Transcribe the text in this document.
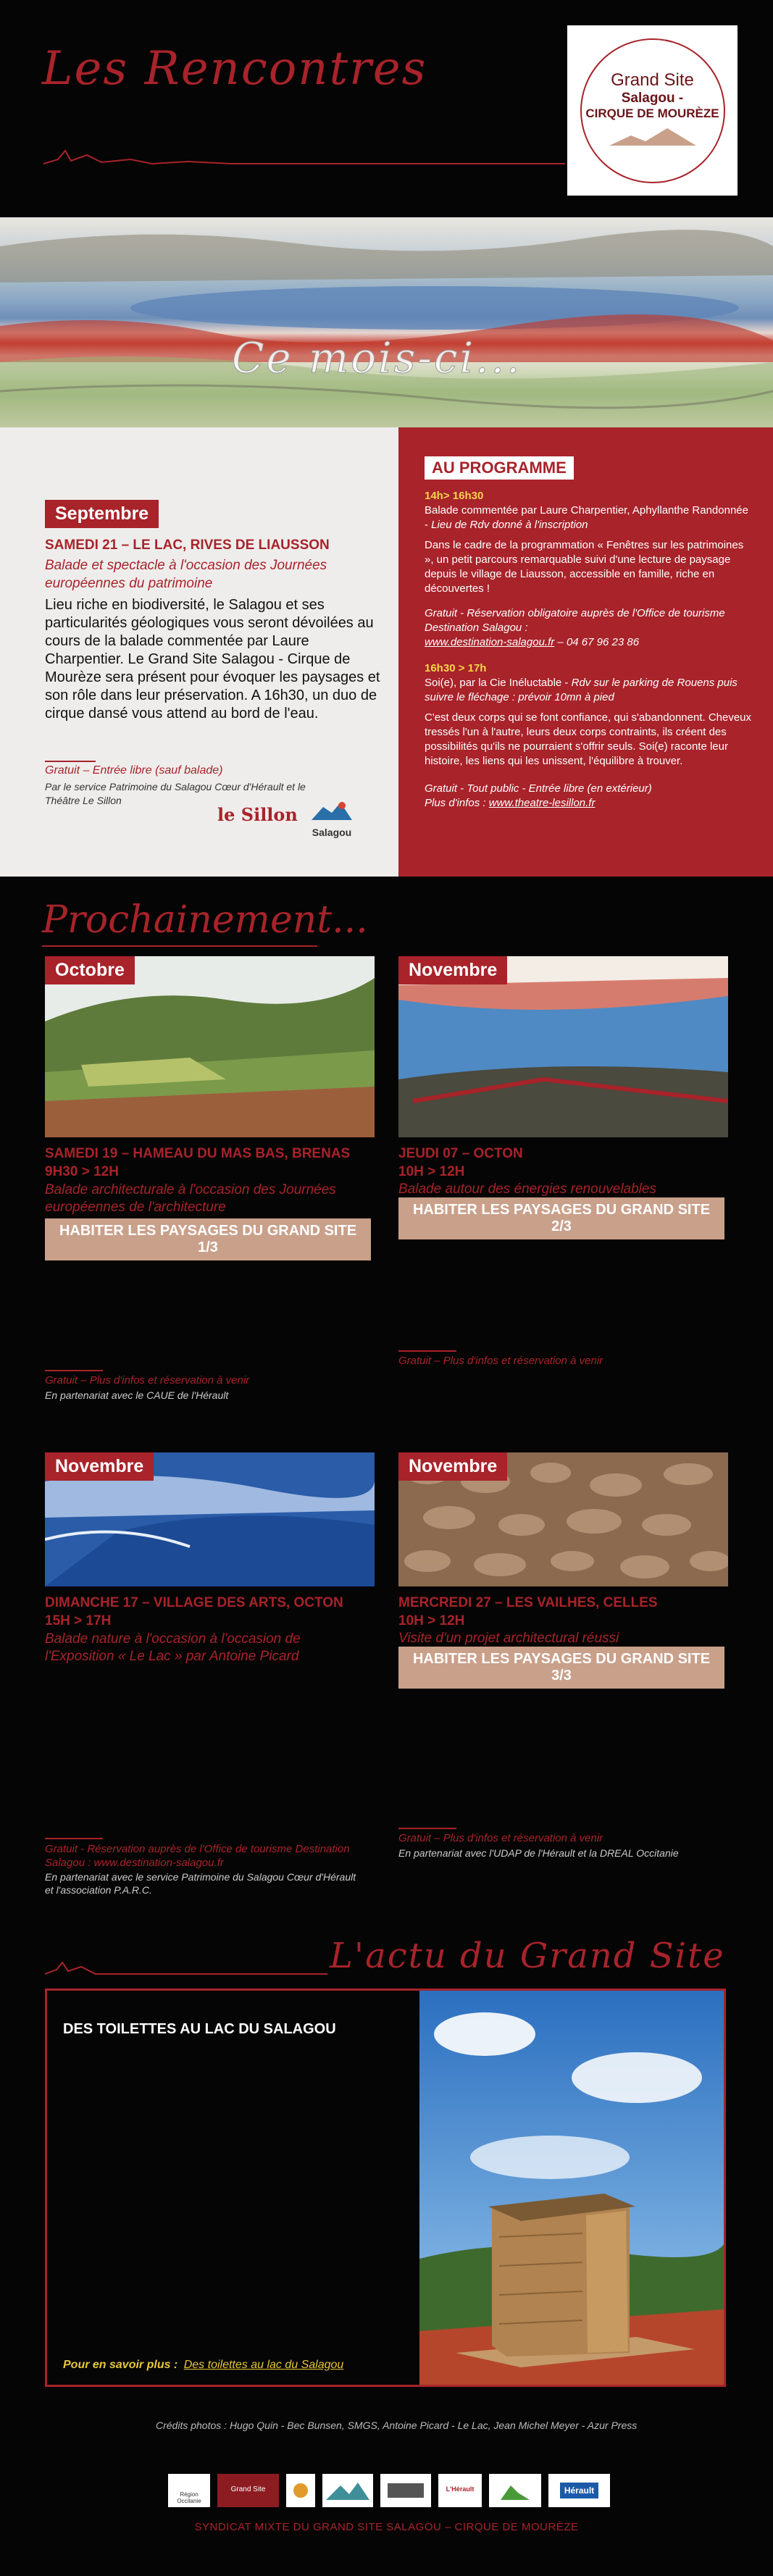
Les Rencontres	Grand Site
Salagou -
CIRQUE DE MOURÈZE
Ce mois-ci...
Septembre
SAMEDI 21 – LE LAC, RIVES DE LIAUSSON
Balade et spectacle à l'occasion des Journées européennes du patrimoine
Lieu riche en biodiversité, le Salagou et ses particularités géologiques vous seront dévoilées au cours de la balade commentée par Laure Charpentier. Le Grand Site Salagou - Cirque de Mourèze sera présent pour évoquer les paysages et son rôle dans leur préservation. A 16h30, un duo de cirque dansé vous attend au bord de l'eau.
Gratuit – Entrée libre (sauf balade)
Par le service Patrimoine du Salagou Cœur d'Hérault et le Théâtre Le Sillon
le Sillon
Salagou
AU PROGRAMME
14h> 16h30
Balade commentée par Laure Charpentier, Aphyllanthe Randonnée - Lieu de Rdv donné à l'inscription
Dans le cadre de la programmation « Fenêtres sur les patrimoines », un petit parcours remarquable suivi d'une lecture de paysage depuis le village de Liausson, accessible en famille, riche en découvertes !
Gratuit - Réservation obligatoire auprès de l'Office de tourisme Destination Salagou :
www.destination-salagou.fr – 04 67 96 23 86
16h30 > 17h
Soi(e), par la Cie Inéluctable - Rdv sur le parking de Rouens puis suivre le fléchage : prévoir 10mn à pied
C'est deux corps qui se font confiance, qui s'abandonnent. Cheveux tressés l'un à l'autre, leurs deux corps contraints, ils créent des possibilités qu'ils ne pourraient s'offrir seuls. Soi(e) raconte leur histoire, les liens qui les unissent, l'équilibre à trouver.
Gratuit - Tout public - Entrée libre (en extérieur)
Plus d'infos : www.theatre-lesillon.fr
Prochainement...
Octobre
SAMEDI 19 – HAMEAU DU MAS BAS, BRENAS
9H30 > 12H
Balade architecturale à l'occasion des Journées européennes de l'architecture
HABITER LES PAYSAGES DU GRAND SITE 1/3
Gratuit – Plus d'infos et réservation à venir
En partenariat avec le CAUE de l'Hérault
Novembre
JEUDI 07 – OCTON
10H > 12H
Balade autour des énergies renouvelables
HABITER LES PAYSAGES DU GRAND SITE 2/3
Gratuit – Plus d'infos et réservation à venir
Novembre
DIMANCHE 17 – VILLAGE DES ARTS, OCTON
15H > 17H
Balade nature à l'occasion à l'occasion de l'Exposition « Le Lac » par Antoine Picard
Gratuit - Réservation auprès de l'Office de tourisme Destination Salagou : www.destination-salagou.fr
En partenariat avec le service Patrimoine du Salagou Cœur d'Hérault et l'association P.A.R.C.
Novembre
MERCREDI 27 – LES VAILHES, CELLES
10H > 12H
Visite d'un projet architectural réussi
HABITER LES PAYSAGES DU GRAND SITE 3/3
Gratuit – Plus d'infos et réservation à venir
En partenariat avec l'UDAP de l'Hérault et la DREAL Occitanie
L'actu du Grand Site
DES TOILETTES AU LAC DU SALAGOU
Pour en savoir plus : Des toilettes au lac du Salagou
Crédits photos : Hugo Quin - Bec Bunsen, SMGS, Antoine Picard - Le Lac, Jean Michel Meyer - Azur Press
Région Occitanie
Grand Site	L'Hérault	Hérault
SYNDICAT MIXTE DU GRAND SITE SALAGOU – CIRQUE DE MOURÈZE
